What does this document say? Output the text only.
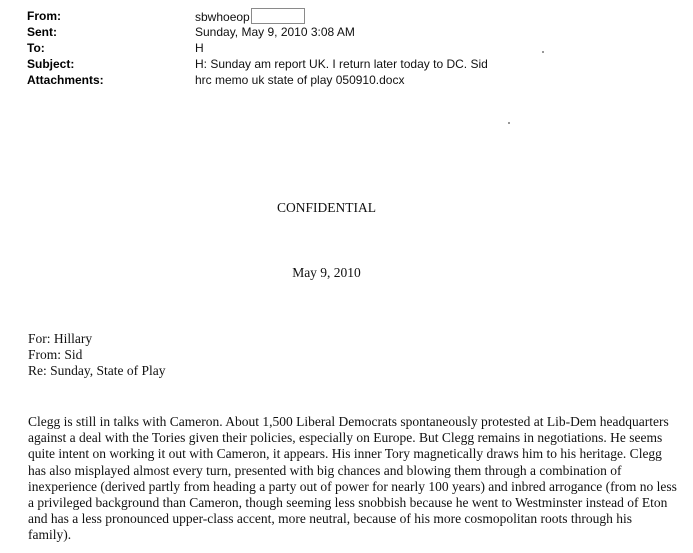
From:	sbwhoeop
Sent:	Sunday, May 9, 2010 3:08 AM
To:	H
Subject:	H: Sunday am report UK. I return later today to DC. Sid
Attachments:	hrc memo uk state of play 050910.docx
CONFIDENTIAL
May 9, 2010
For: Hillary
From: Sid
Re: Sunday, State of Play

Clegg is still in talks with Cameron. About 1,500 Liberal Democrats spontaneously protested at Lib-Dem headquarters against a deal with the Tories given their policies, especially on Europe. But Clegg remains in negotiations. He seems quite intent on working it out with Cameron, it appears. His inner Tory magnetically draws him to his heritage. Clegg has also misplayed almost every turn, presented with big chances and blowing them through a combination of inexperience (derived partly from heading a party out of power for nearly 100 years) and inbred arrogance (from no less a privileged background than Cameron, though seeming less snobbish because he went to Westminster instead of Eton and has a less pronounced upper-class accent, more neutral, because of his more cosmopolitan roots through his family).
